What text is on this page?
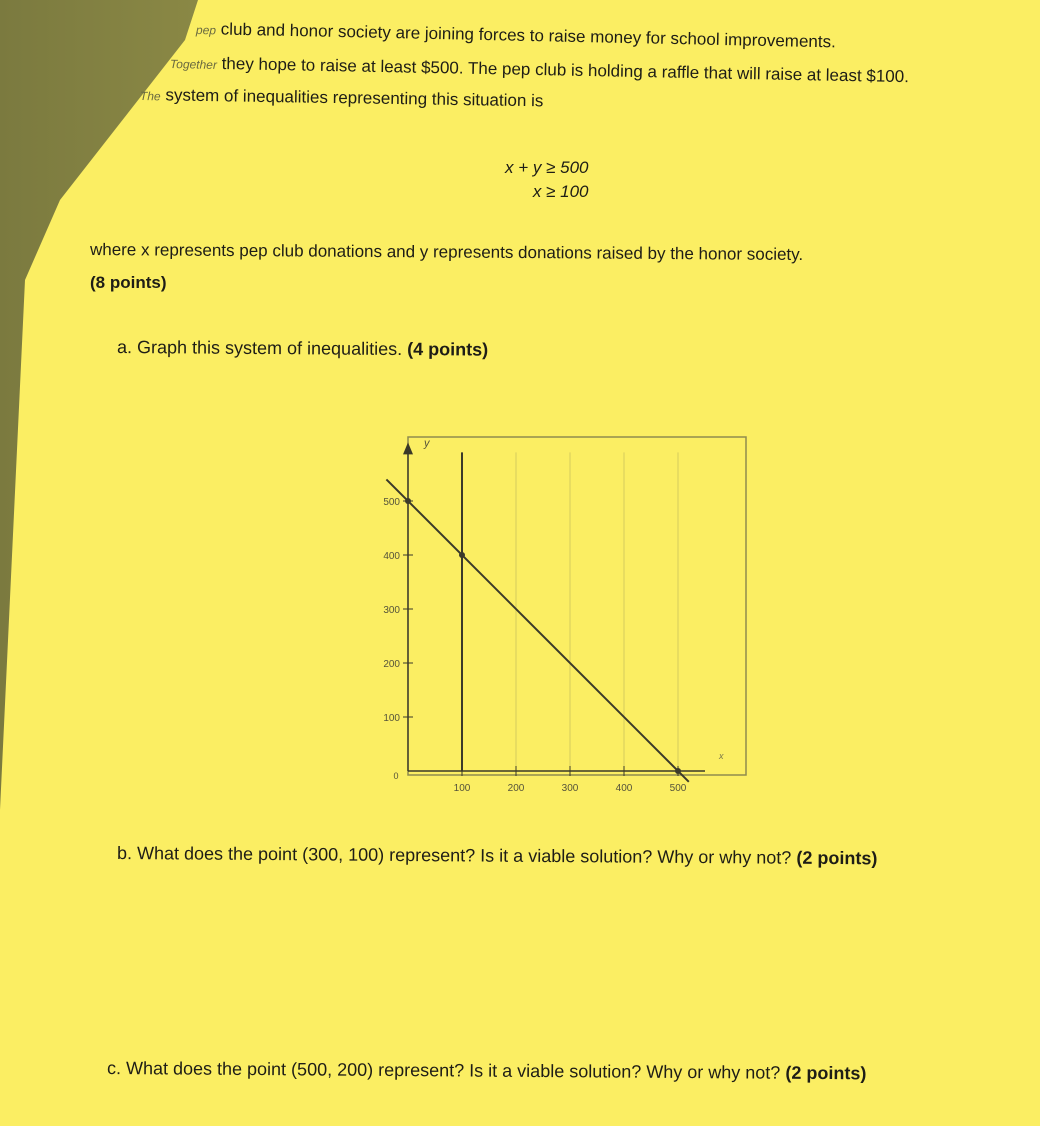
pep club and honor society are joining forces to raise money for school improvements.
Together they hope to raise at least $500. The pep club is holding a raffle that will raise at least $100.
The system of inequalities representing this situation is
x + y ≥ 500
x ≥ 100
where x represents pep club donations and y represents donations raised by the honor society.
(8 points)
a. Graph this system of inequalities. (4 points)
100	200	300	400	500
100
200
300
400
500
0
y
x
b. What does the point (300, 100) represent? Is it a viable solution? Why or why not? (2 points)
c. What does the point (500, 200) represent? Is it a viable solution? Why or why not? (2 points)
